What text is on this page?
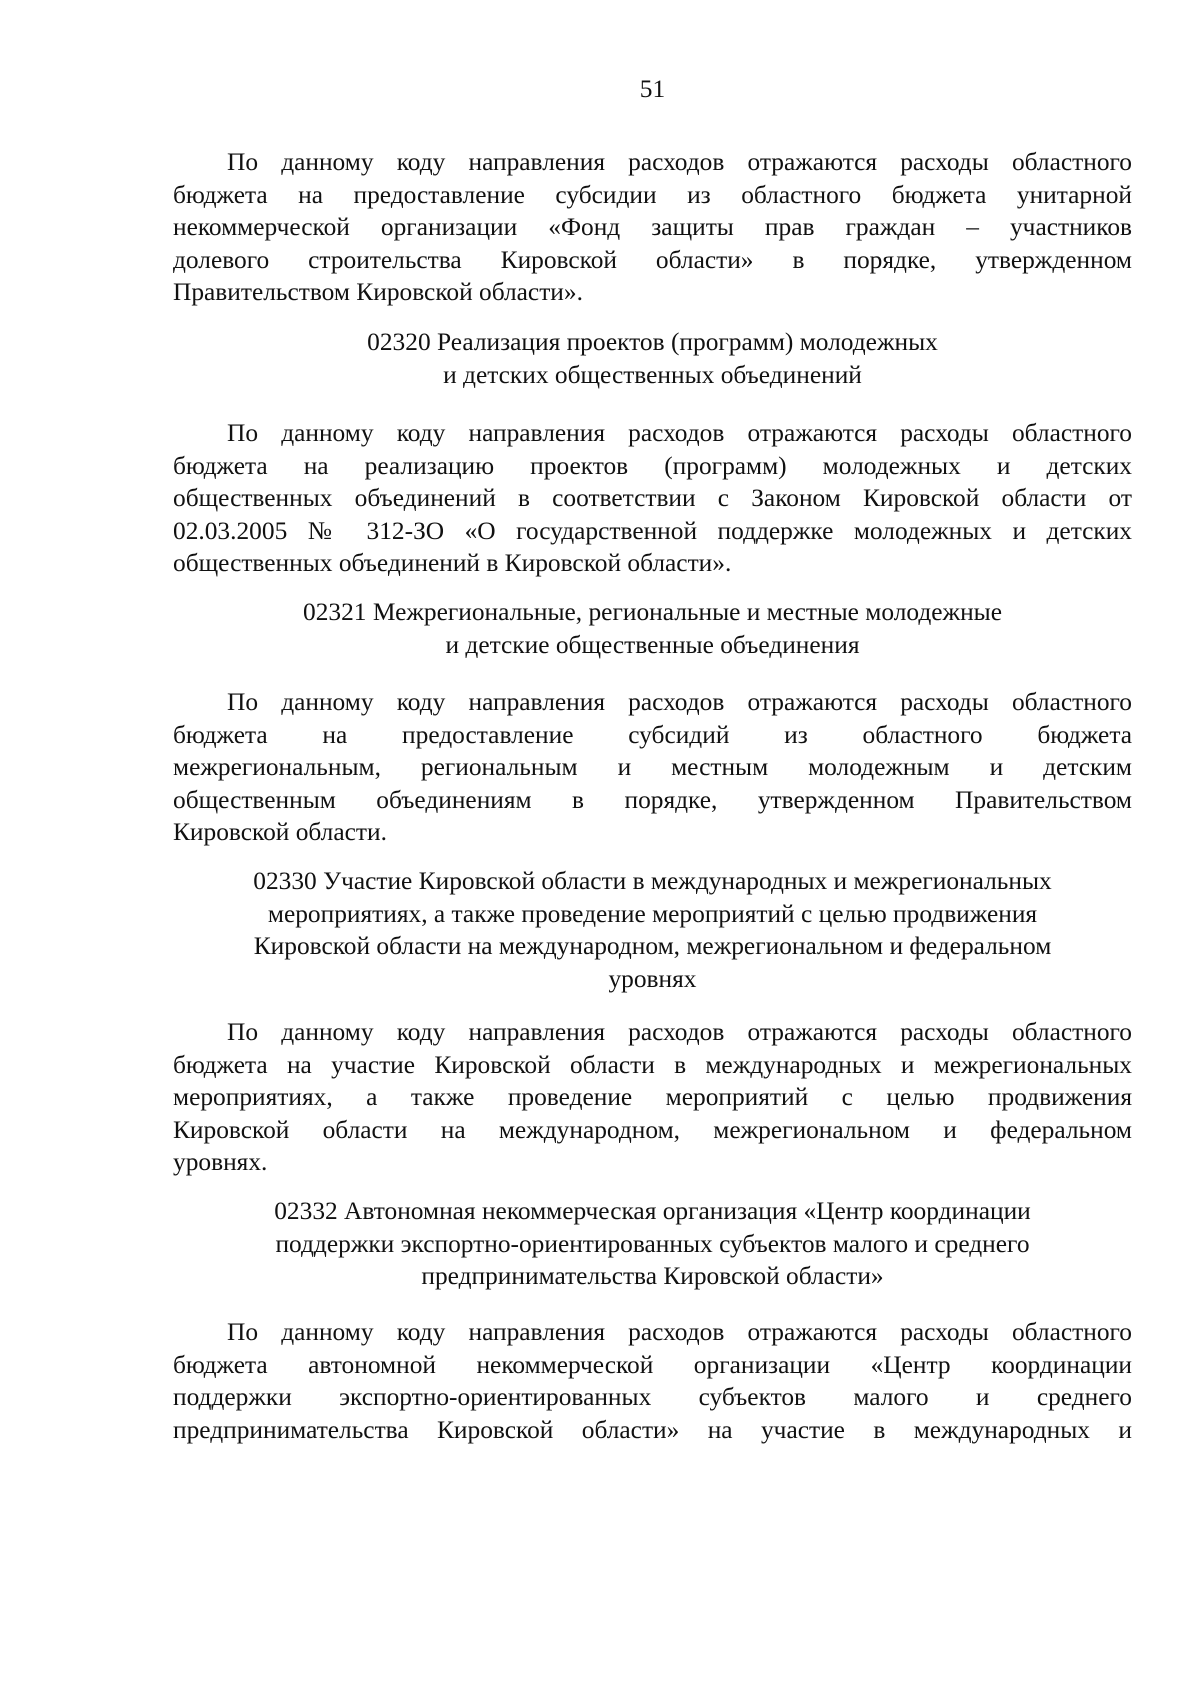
51
По данному коду направления расходов отражаются расходы областного
бюджета на предоставление субсидии из областного бюджета унитарной
некоммерческой организации «Фонд защиты прав граждан – участников
долевого строительства Кировской области» в порядке, утвержденном
Правительством Кировской области».
02320 Реализация проектов (программ) молодежных
и детских общественных объединений
По данному коду направления расходов отражаются расходы областного
бюджета на реализацию проектов (программ) молодежных и детских
общественных объединений в соответствии с Законом Кировской области от
02.03.2005 № 312-ЗО «О государственной поддержке молодежных и детских
общественных объединений в Кировской области».
02321 Межрегиональные, региональные и местные молодежные
и детские общественные объединения
По данному коду направления расходов отражаются расходы областного
бюджета на предоставление субсидий из областного бюджета
межрегиональным, региональным и местным молодежным и детским
общественным объединениям в порядке, утвержденном Правительством
Кировской области.
02330 Участие Кировской области в международных и межрегиональных
мероприятиях, а также проведение мероприятий с целью продвижения
Кировской области на международном, межрегиональном и федеральном
уровнях
По данному коду направления расходов отражаются расходы областного
бюджета на участие Кировской области в международных и межрегиональных
мероприятиях, а также проведение мероприятий с целью продвижения
Кировской области на международном, межрегиональном и федеральном
уровнях.
02332 Автономная некоммерческая организация «Центр координации
поддержки экспортно-ориентированных субъектов малого и среднего
предпринимательства Кировской области»
По данному коду направления расходов отражаются расходы областного
бюджета автономной некоммерческой организации «Центр координации
поддержки экспортно-ориентированных субъектов малого и среднего
предпринимательства Кировской области» на участие в международных и
